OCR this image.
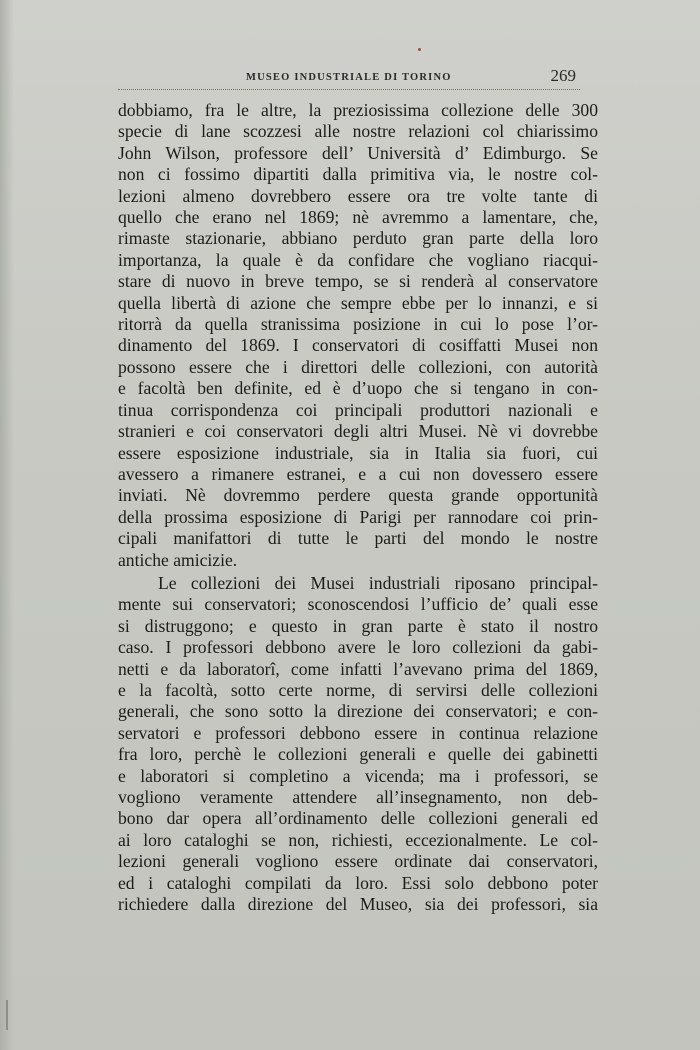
MUSEO INDUSTRIALE DI TORINO	269

dobbiamo, fra le altre, la preziosissima collezione delle 300
specie di lane scozzesi alle nostre relazioni col chiarissimo
John Wilson, professore dell’ Università d’ Edimburgo. Se
non ci fossimo dipartiti dalla primitiva via, le nostre col-
lezioni almeno dovrebbero essere ora tre volte tante di
quello che erano nel 1869; nè avremmo a lamentare, che,
rimaste stazionarie, abbiano perduto gran parte della loro
importanza, la quale è da confidare che vogliano riacqui-
stare di nuovo in breve tempo, se si renderà al conservatore
quella libertà di azione che sempre ebbe per lo innanzi, e si
ritorrà da quella stranissima posizione in cui lo pose l’or-
dinamento del 1869. I conservatori di cosiffatti Musei non
possono essere che i direttori delle collezioni, con autorità
e facoltà ben definite, ed è d’uopo che si tengano in con-
tinua corrispondenza coi principali produttori nazionali e
stranieri e coi conservatori degli altri Musei. Nè vi dovrebbe
essere esposizione industriale, sia in Italia sia fuori, cui
avessero a rimanere estranei, e a cui non dovessero essere
inviati. Nè dovremmo perdere questa grande opportunità
della prossima esposizione di Parigi per rannodare coi prin-
cipali manifattori di tutte le parti del mondo le nostre
antiche amicizie.

Le collezioni dei Musei industriali riposano principal-
mente sui conservatori; sconoscendosi l’ufficio de’ quali esse
si distruggono; e questo in gran parte è stato il nostro
caso. I professori debbono avere le loro collezioni da gabi-
netti e da laboratorî, come infatti l’avevano prima del 1869,
e la facoltà, sotto certe norme, di servirsi delle collezioni
generali, che sono sotto la direzione dei conservatori; e con-
servatori e professori debbono essere in continua relazione
fra loro, perchè le collezioni generali e quelle dei gabinetti
e laboratori si completino a vicenda; ma i professori, se
vogliono veramente attendere all’insegnamento, non deb-
bono dar opera all’ordinamento delle collezioni generali ed
ai loro cataloghi se non, richiesti, eccezionalmente. Le col-
lezioni generali vogliono essere ordinate dai conservatori,
ed i cataloghi compilati da loro. Essi solo debbono poter
richiedere dalla direzione del Museo, sia dei professori, sia
